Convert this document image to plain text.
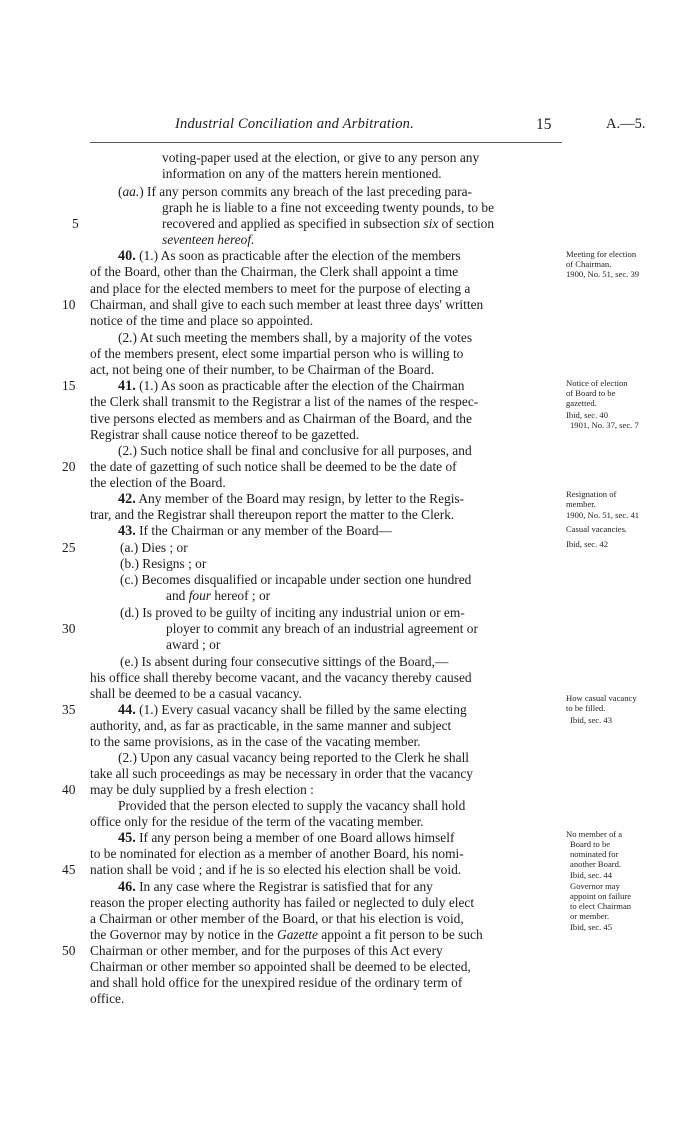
Industrial Conciliation and Arbitration.	15	A.—5.
voting-paper used at the election, or give to any person any
information on any of the matters herein mentioned.
(aa.) If any person commits any breach of the last preceding para-
graph he is liable to a fine not exceeding twenty pounds, to be
recovered and applied as specified in subsection six of section
seventeen hereof.
40. (1.) As soon as practicable after the election of the members
of the Board, other than the Chairman, the Clerk shall appoint a time
and place for the elected members to meet for the purpose of electing a
Chairman, and shall give to each such member at least three days' written
notice of the time and place so appointed.
(2.) At such meeting the members shall, by a majority of the votes
of the members present, elect some impartial person who is willing to
act, not being one of their number, to be Chairman of the Board.
41. (1.) As soon as practicable after the election of the Chairman
the Clerk shall transmit to the Registrar a list of the names of the respec-
tive persons elected as members and as Chairman of the Board, and the
Registrar shall cause notice thereof to be gazetted.
(2.) Such notice shall be final and conclusive for all purposes, and
the date of gazetting of such notice shall be deemed to be the date of
the election of the Board.
42. Any member of the Board may resign, by letter to the Regis-
trar, and the Registrar shall thereupon report the matter to the Clerk.
43. If the Chairman or any member of the Board—
(a.) Dies ; or
(b.) Resigns ; or
(c.) Becomes disqualified or incapable under section one hundred
and four hereof ; or
(d.) Is proved to be guilty of inciting any industrial union or em-
ployer to commit any breach of an industrial agreement or
award ; or
(e.) Is absent during four consecutive sittings of the Board,—
his office shall thereby become vacant, and the vacancy thereby caused
shall be deemed to be a casual vacancy.
44. (1.) Every casual vacancy shall be filled by the same electing
authority, and, as far as practicable, in the same manner and subject
to the same provisions, as in the case of the vacating member.
(2.) Upon any casual vacancy being reported to the Clerk he shall
take all such proceedings as may be necessary in order that the vacancy
may be duly supplied by a fresh election :
Provided that the person elected to supply the vacancy shall hold
office only for the residue of the term of the vacating member.
45. If any person being a member of one Board allows himself
to be nominated for election as a member of another Board, his nomi-
nation shall be void ; and if he is so elected his election shall be void.
46. In any case where the Registrar is satisfied that for any
reason the proper electing authority has failed or neglected to duly elect
a Chairman or other member of the Board, or that his election is void,
the Governor may by notice in the Gazette appoint a fit person to be such
Chairman or other member, and for the purposes of this Act every
Chairman or other member so appointed shall be deemed to be elected,
and shall hold office for the unexpired residue of the ordinary term of
office.
5
10
15
20
25
30
35
40
45
50
Meeting for election
of Chairman.
1900, No. 51, sec. 39
Notice of election
of Board to be
gazetted.
Ibid, sec. 40
1901, No. 37, sec. 7
Resignation of
member.
1900, No. 51, sec. 41
Casual vacancies.
Ibid, sec. 42
How casual vacancy
to be filled.
Ibid, sec. 43
No member of a
Board to be
nominated for
another Board.
Ibid, sec. 44
Governor may
appoint on failure
to elect Chairman
or member.
Ibid, sec. 45
